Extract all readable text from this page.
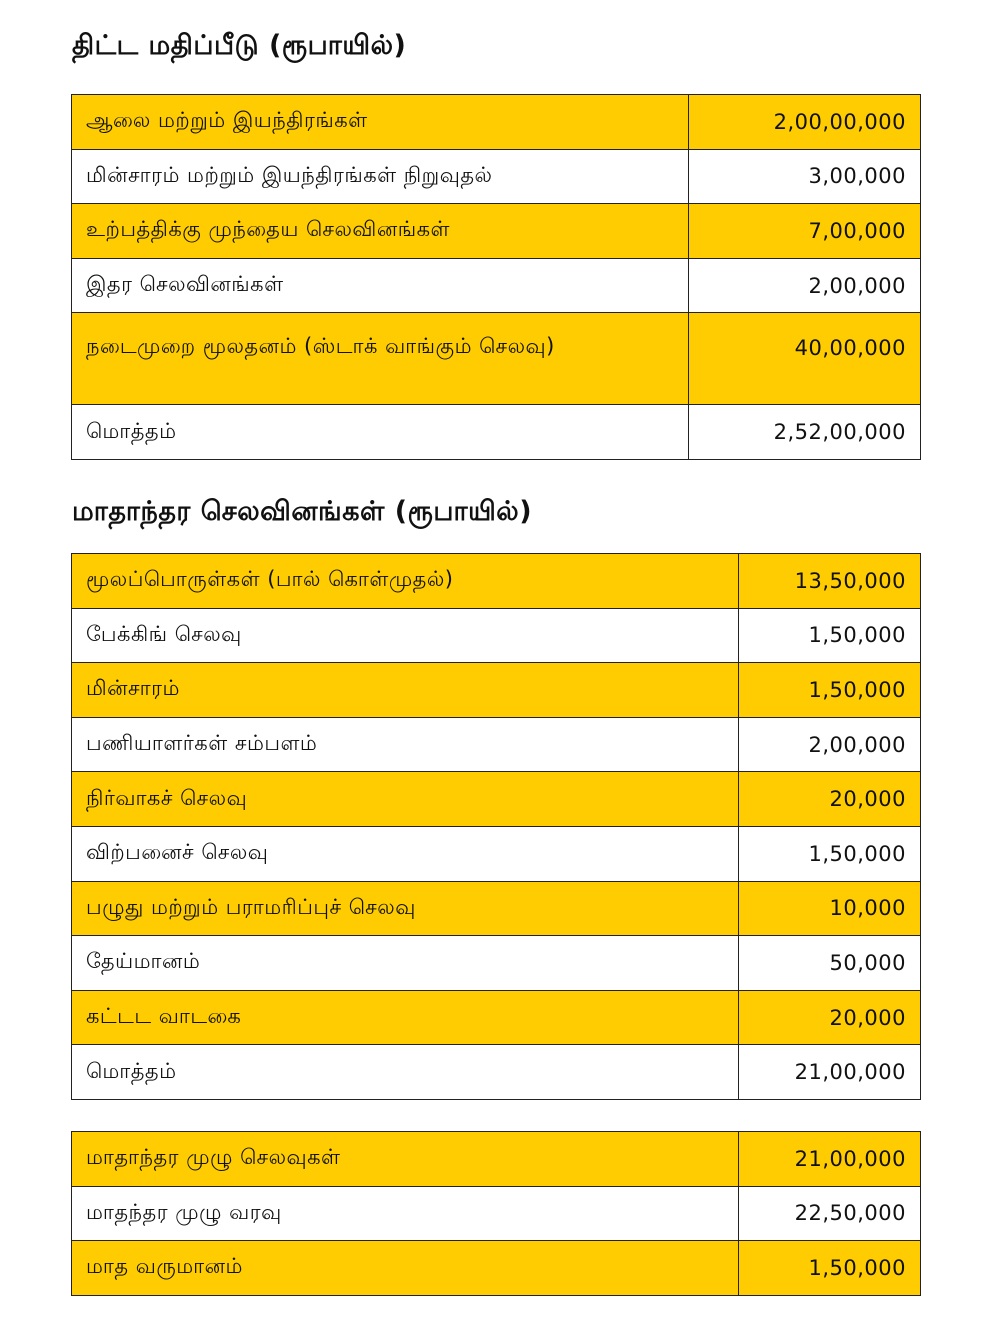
திட்ட மதிப்பீடு (ரூபாயில்)
ஆலை மற்றும் இயந்திரங்கள்	2,00,00,000
மின்சாரம் மற்றும் இயந்திரங்கள் நிறுவுதல்	3,00,000
உற்பத்திக்கு முந்தைய செலவினங்கள்	7,00,000
இதர செலவினங்கள்	2,00,000
நடைமுறை மூலதனம் (ஸ்டாக் வாங்கும் செலவு)	40,00,000
மொத்தம்	2,52,00,000
மாதாந்தர செலவினங்கள் (ரூபாயில்)
மூலப்பொருள்கள் (பால் கொள்முதல்)	13,50,000
பேக்கிங் செலவு	1,50,000
மின்சாரம்	1,50,000
பணியாளர்கள் சம்பளம்	2,00,000
நிர்வாகச் செலவு	20,000
விற்பனைச் செலவு	1,50,000
பழுது மற்றும் பராமரிப்புச் செலவு	10,000
தேய்மானம்	50,000
கட்டட வாடகை	20,000
மொத்தம்	21,00,000
மாதாந்தர முழு செலவுகள்	21,00,000
மாதந்தர முழு வரவு	22,50,000
மாத வருமானம்	1,50,000
